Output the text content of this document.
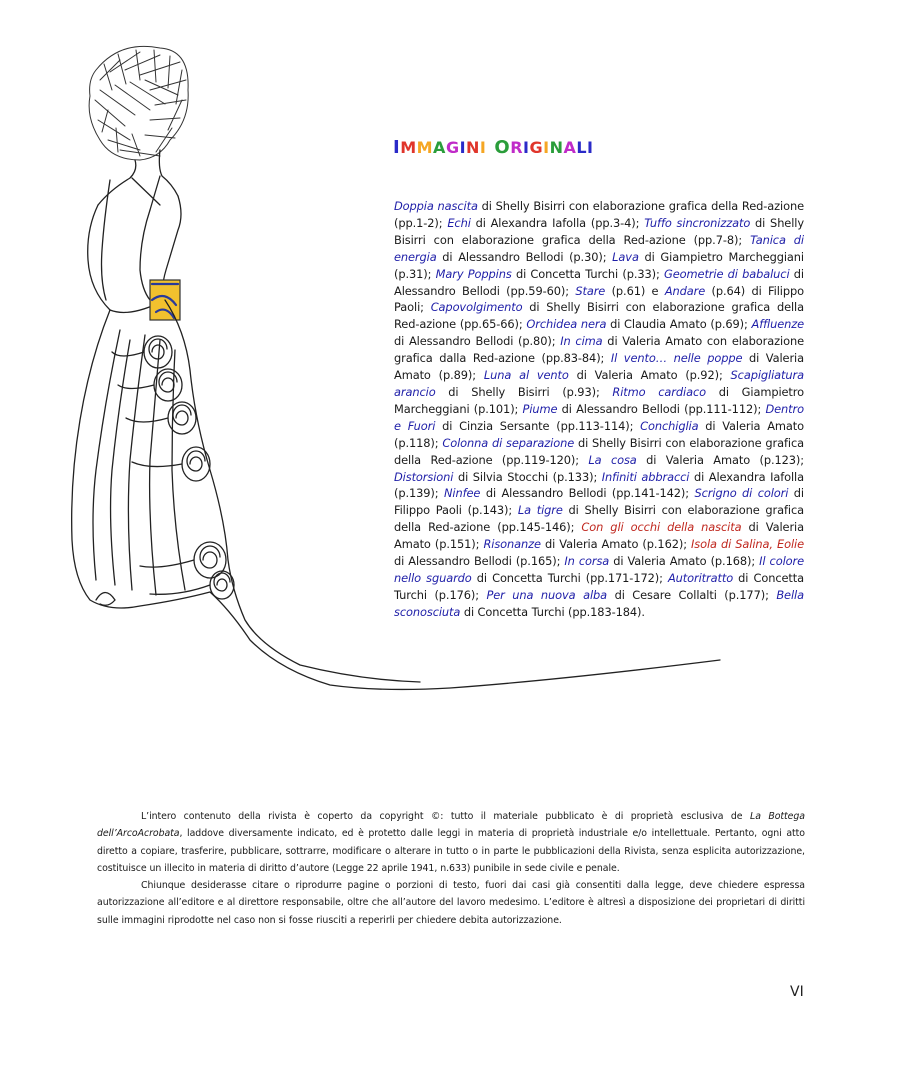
IMMAGINI ORIGINALI
Doppia nascita di Shelly Bisirri con elaborazione grafica della Red-azione (pp.1-2); Echi di Alexandra Iafolla (pp.3-4); Tuffo sincronizzato di Shelly Bisirri con elaborazione grafica della Red-azione (pp.7-8); Tanica di energia di Alessandro Bellodi (p.30); Lava di Giampietro Marcheggiani (p.31); Mary Poppins di Concetta Turchi (p.33); Geometrie di babaluci di Alessandro Bellodi (pp.59-60); Stare (p.61) e Andare (p.64) di Filippo Paoli; Capovolgimento di Shelly Bisirri con elaborazione grafica della Red-azione (pp.65-66); Orchidea nera di Claudia Amato (p.69); Affluenze di Alessandro Bellodi (p.80); In cima di Valeria Amato con elaborazione grafica dalla Red-azione (pp.83-84); Il vento… nelle poppe di Valeria Amato (p.89); Luna al vento di Valeria Amato (p.92); Scapigliatura arancio di Shelly Bisirri (p.93); Ritmo cardiaco di Giampietro Marcheggiani (p.101); Piume di Alessandro Bellodi (pp.111-112); Dentro e Fuori di Cinzia Sersante (pp.113-114); Conchiglia di Valeria Amato (p.118); Colonna di separazione di Shelly Bisirri con elaborazione grafica della Red-azione (pp.119-120); La cosa di Valeria Amato (p.123); Distorsioni di Silvia Stocchi (p.133); Infiniti abbracci di Alexandra Iafolla (p.139); Ninfee di Alessandro Bellodi (pp.141-142); Scrigno di colori di Filippo Paoli (p.143); La tigre di Shelly Bisirri con elaborazione grafica della Red-azione (pp.145-146); Con gli occhi della nascita di Valeria Amato (p.151); Risonanze di Valeria Amato (p.162); Isola di Salina, Eolie di Alessandro Bellodi (p.165); In corsa di Valeria Amato (p.168); Il colore nello sguardo di Concetta Turchi (pp.171-172); Autoritratto di Concetta Turchi (p.176); Per una nuova alba di Cesare Collalti (p.177); Bella sconosciuta di Concetta Turchi (pp.183-184).

L’intero contenuto della rivista è coperto da copyright ©: tutto il materiale pubblicato è di proprietà esclusiva de La Bottega dell’ArcoAcrobata, laddove diversamente indicato, ed è protetto dalle leggi in materia di proprietà industriale e/o intellettuale. Pertanto, ogni atto diretto a copiare, trasferire, pubblicare, sottrarre, modificare o alterare in tutto o in parte le pubblicazioni della Rivista, senza esplicita autorizzazione, costituisce un illecito in materia di diritto d’autore (Legge 22 aprile 1941, n.633) punibile in sede civile e penale.

Chiunque desiderasse citare o riprodurre pagine o porzioni di testo, fuori dai casi già consentiti dalla legge, deve chiedere espressa autorizzazione all’editore e al direttore responsabile, oltre che all’autore del lavoro medesimo. L’editore è altresì a disposizione dei proprietari di diritti sulle immagini riprodotte nel caso non si fosse riusciti a reperirli per chiedere debita autorizzazione.

VI
